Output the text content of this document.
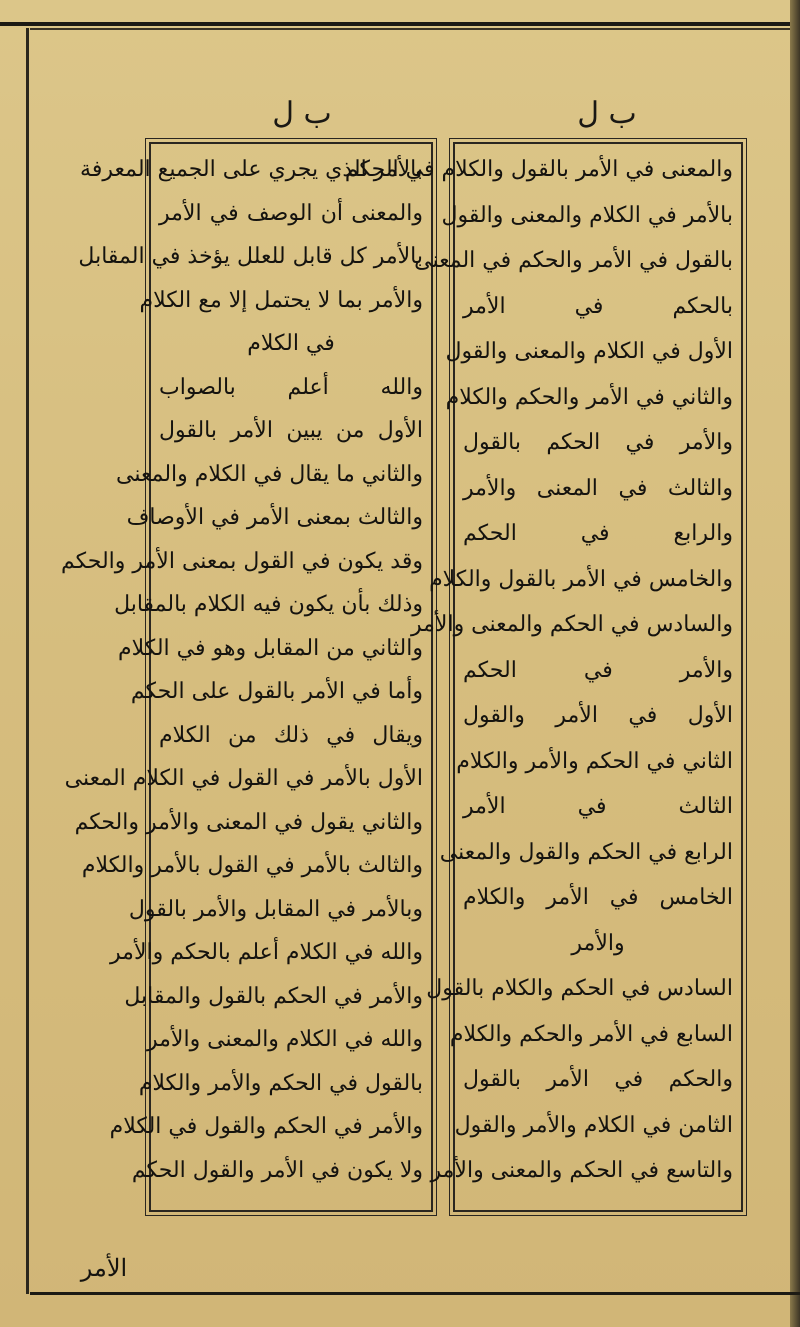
ب ل	ب ل
بالأمر الذي يجري على الجميع المعرفة
والمعنى أن الوصف في الأمر
بالأمر كل قابل للعلل يؤخذ في المقابل
والأمر بما لا يحتمل إلا مع الكلام
في الكلام
والله أعلم بالصواب
الأول من يبين الأمر بالقول
والثاني ما يقال في الكلام والمعنى
والثالث بمعنى الأمر في الأوصاف
وقد يكون في القول بمعنى الأمر والحكم
وذلك بأن يكون فيه الكلام بالمقابل
والثاني من المقابل وهو في الكلام
وأما في الأمر بالقول على الحكم
ويقال في ذلك من الكلام
الأول بالأمر في القول في الكلام المعنى
والثاني يقول في المعنى والأمر والحكم
والثالث بالأمر في القول بالأمر والكلام
وبالأمر في المقابل والأمر بالقول
والله في الكلام أعلم بالحكم والأمر
والأمر في الحكم بالقول والمقابل
والله في الكلام والمعنى والأمر
بالقول في الحكم والأمر والكلام
والأمر في الحكم والقول في الكلام
ولا يكون في الأمر والقول الحكم
والمعنى في الأمر بالقول والكلام في الحكم
بالأمر في الكلام والمعنى والقول
بالقول في الأمر والحكم في المعنى
بالحكم في الأمر
الأول في الكلام والمعنى والقول
والثاني في الأمر والحكم والكلام
والأمر في الحكم بالقول
والثالث في المعنى والأمر
والرابع في الحكم
والخامس في الأمر بالقول والكلام
والسادس في الحكم والمعنى والأمر
والأمر في الحكم
الأول في الأمر والقول
الثاني في الحكم والأمر والكلام
الثالث في الأمر
الرابع في الحكم والقول والمعنى
الخامس في الأمر والكلام
والأمر
السادس في الحكم والكلام بالقول
السابع في الأمر والحكم والكلام
والحكم في الأمر بالقول
الثامن في الكلام والأمر والقول
والتاسع في الحكم والمعنى والأمر
الأمر
